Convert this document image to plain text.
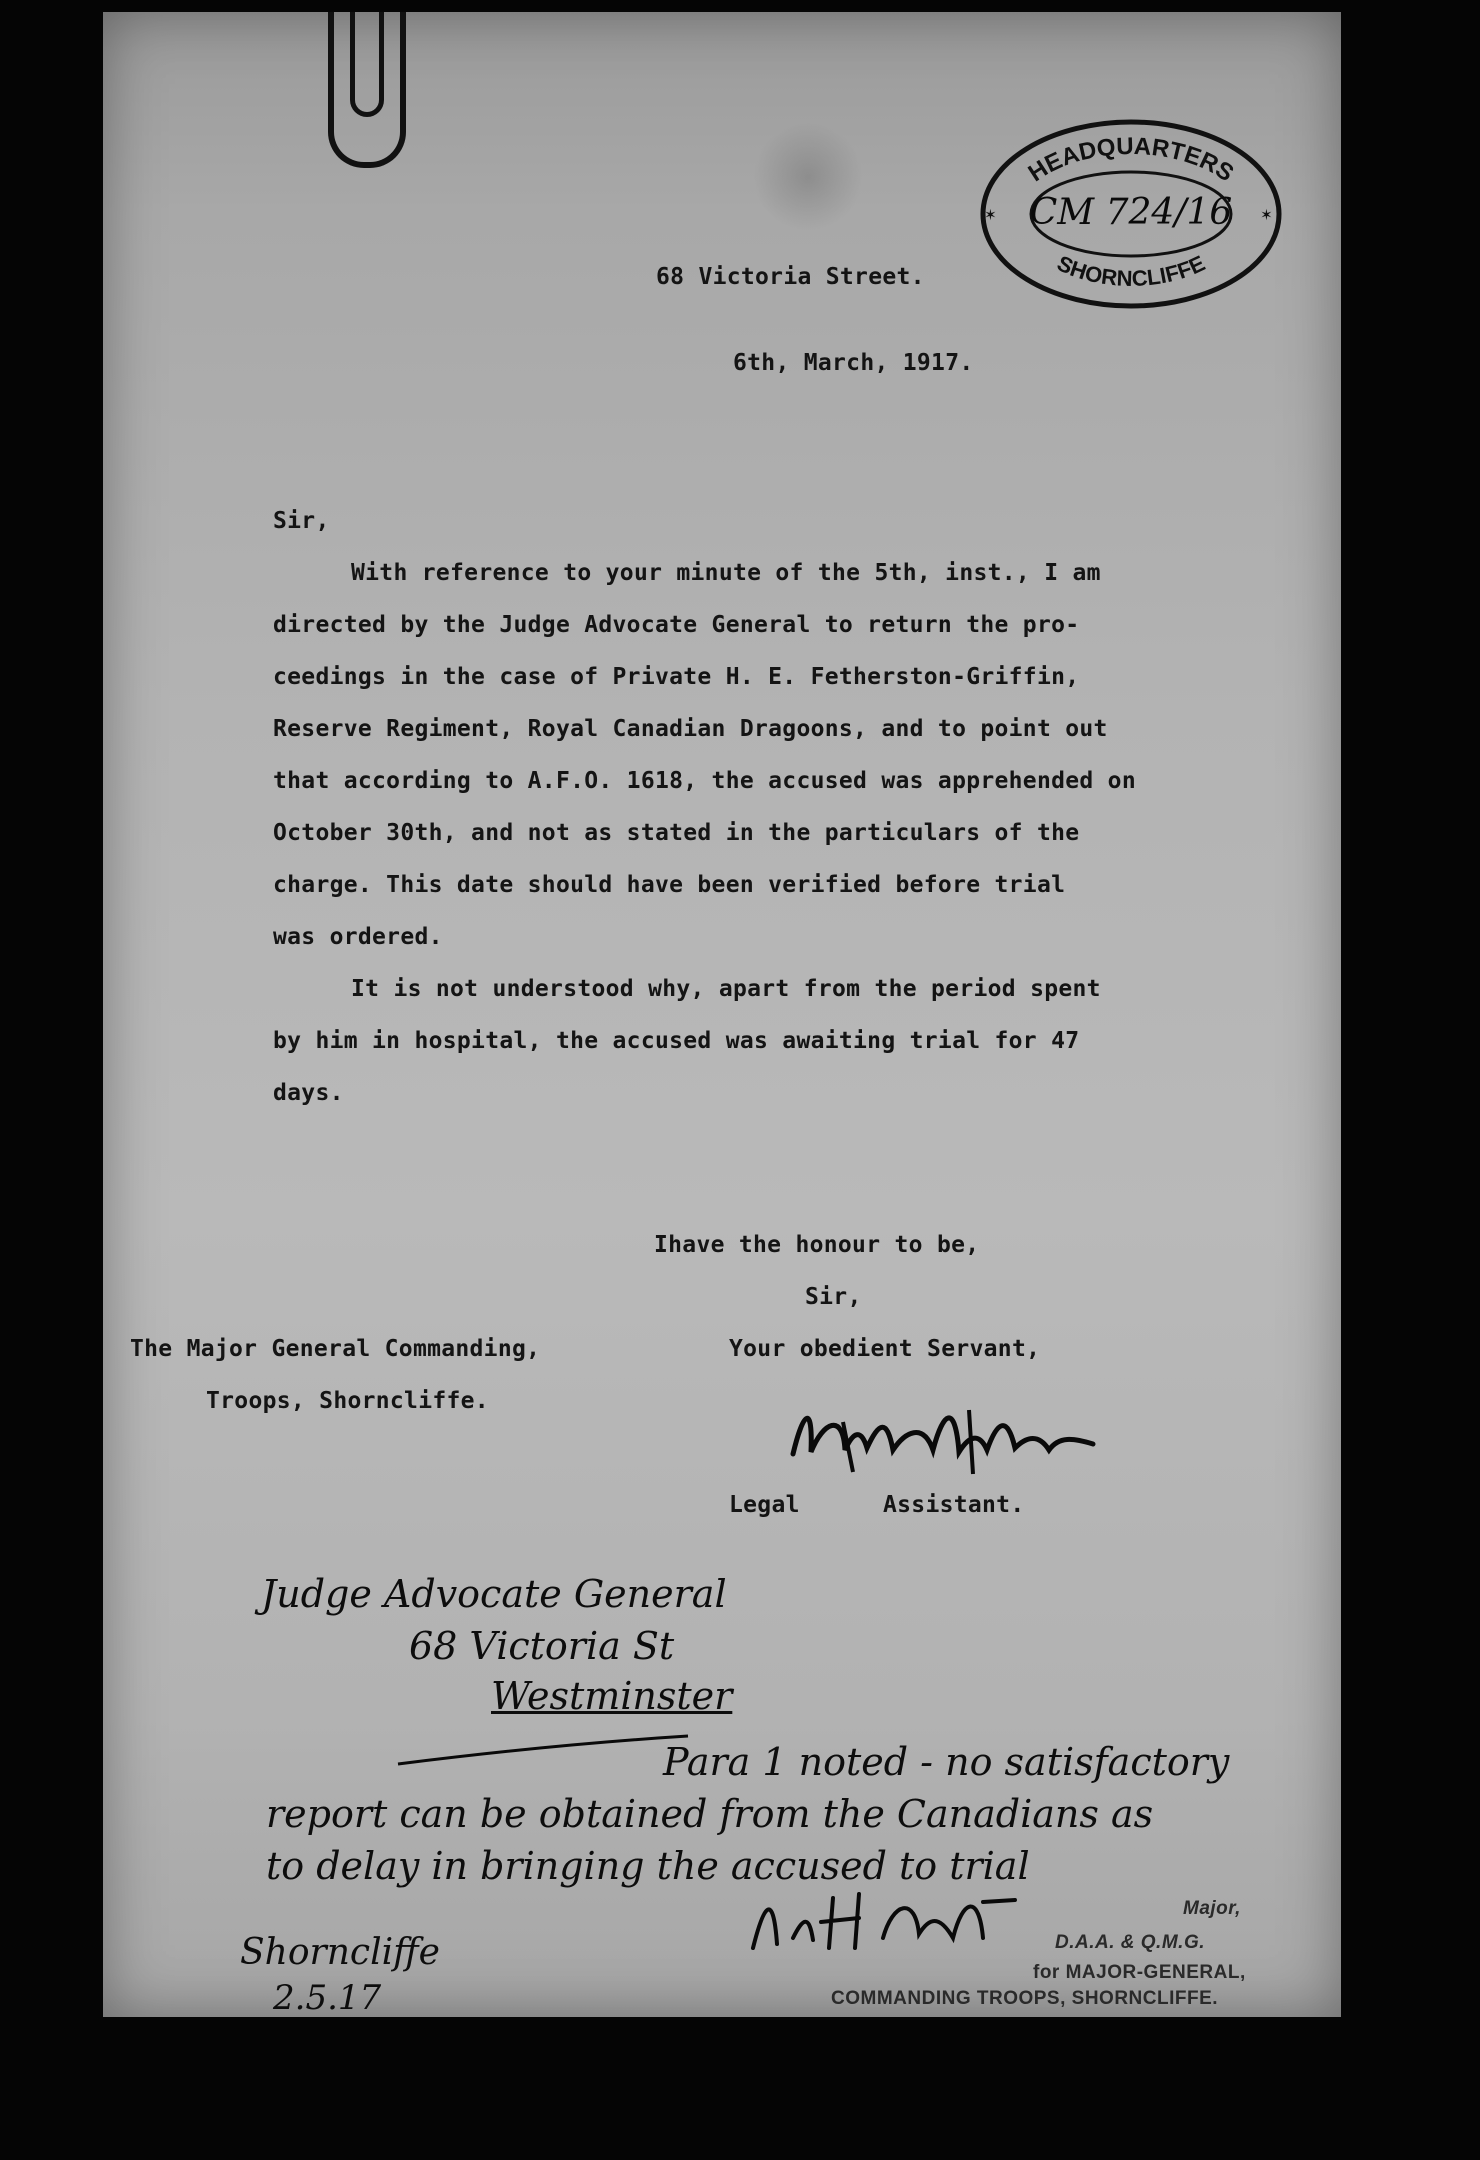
HEADQUARTERS
SHORNCLIFFE
CM 724/16
✶	✶
68 Victoria Street.
6th, March, 1917.
Sir,
With reference to your minute of the 5th, inst., I am
directed by the Judge Advocate General to return the pro-
ceedings in the case of Private H. E. Fetherston-Griffin,
Reserve Regiment, Royal Canadian Dragoons, and to point out
that according to A.F.O. 1618, the accused was apprehended on
October 30th, and not as stated in the particulars of the
charge. This date should have been verified before trial
was ordered.
It is not understood why, apart from the period spent
by him in hospital, the accused was awaiting trial for 47
days.
Ihave the honour to be,
Sir,
Your obedient Servant,
The Major General Commanding,
Troops, Shorncliffe.
Legal	Assistant.
Judge Advocate General
68 Victoria St
Westminster
Para 1 noted - no satisfactory
report can be obtained from the Canadians as
to delay in bringing the accused to trial
Shorncliffe
2.5.17
Major,
D.A.A. & Q.M.G.
for MAJOR-GENERAL,
COMMANDING TROOPS, SHORNCLIFFE.
